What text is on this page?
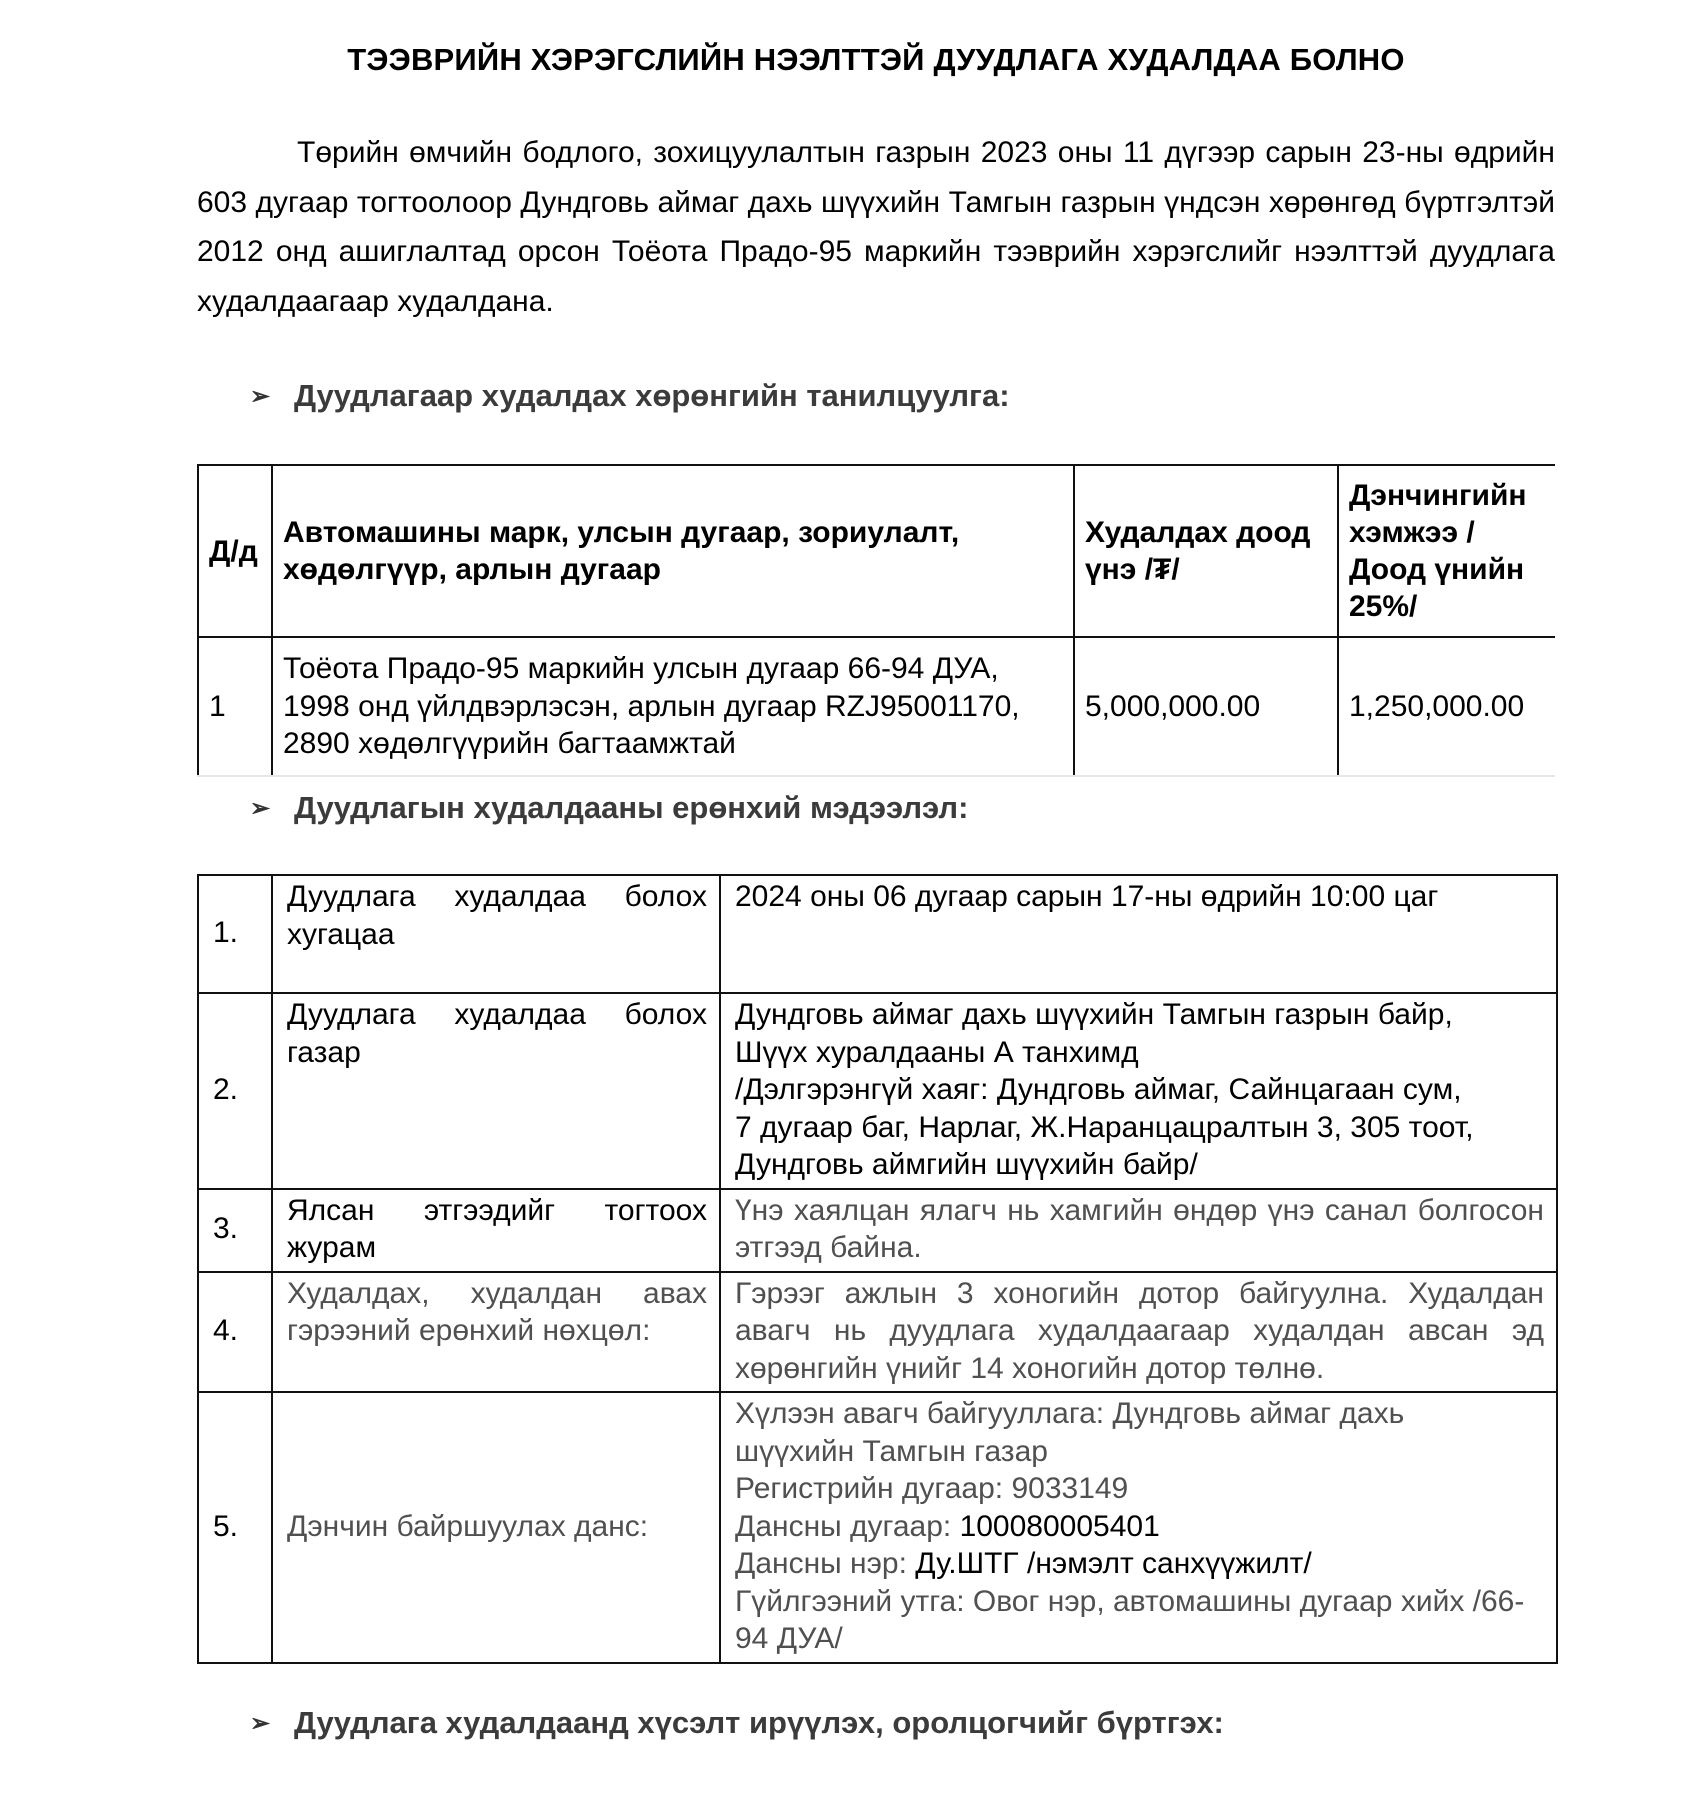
ТЭЭВРИЙН ХЭРЭГСЛИЙН НЭЭЛТТЭЙ ДУУДЛАГА ХУДАЛДАА БОЛНО
Төрийн өмчийн бодлого, зохицуулалтын газрын 2023 оны 11 дүгээр сарын 23-ны өдрийн 603 дугаар тогтоолоор Дундговь аймаг дахь шүүхийн Тамгын газрын үндсэн хөрөнгөд бүртгэлтэй 2012 онд ашиглалтад орсон Тоёота Прадо-95 маркийн тээврийн хэрэгслийг нээлттэй дуудлага худалдаагаар худалдана.
➢ Дуудлагаар худалдах хөрөнгийн танилцуулга:
Д/д	Автомашины марк, улсын дугаар, зориулалт, хөдөлгүүр, арлын дугаар	Худалдах доод үнэ /₮/	Дэнчингийн хэмжээ /Доод үнийн 25%/
1	Тоёота Прадо-95 маркийн улсын дугаар 66-94 ДУА, 1998 онд үйлдвэрлэсэн, арлын дугаар RZJ95001170, 2890 хөдөлгүүрийн багтаамжтай	5,000,000.00	1,250,000.00
➢ Дуудлагын худалдааны ерөнхий мэдээлэл:
1.	Дуудлага худалдаа болох хугацаа	2024 оны 06 дугаар сарын 17-ны өдрийн 10:00 цаг
2.	Дуудлага худалдаа болох газар	Дундговь аймаг дахь шүүхийн Тамгын газрын байр,
Шүүх хуралдааны А танхимд
/Дэлгэрэнгүй хаяг: Дундговь аймаг, Сайнцагаан сум,
7 дугаар баг, Нарлаг, Ж.Наранцацралтын 3, 305 тоот,
Дундговь аймгийн шүүхийн байр/

3.	Ялсан этгээдийг тогтоох журам	Үнэ хаялцан ялагч нь хамгийн өндөр үнэ санал болгосон этгээд байна.
4.	Худалдах, худалдан авах гэрээний ерөнхий нөхцөл:	Гэрээг ажлын 3 хоногийн дотор байгуулна. Худалдан авагч нь дуудлага худалдаагаар худалдан авсан эд хөрөнгийн үнийг 14 хоногийн дотор төлнө.
5.	Дэнчин байршуулах данс:	Хүлээн авагч байгууллага: Дундговь аймаг дахь шүүхийн Тамгын газар
Регистрийн дугаар: 9033149
Дансны дугаар: 100080005401
Дансны нэр: Ду.ШТГ /нэмэлт санхүүжилт/
Гүйлгээний утга: Овог нэр, автомашины дугаар хийх /66-94 ДУА/
➢ Дуудлага худалдаанд хүсэлт ирүүлэх, оролцогчийг бүртгэх:
